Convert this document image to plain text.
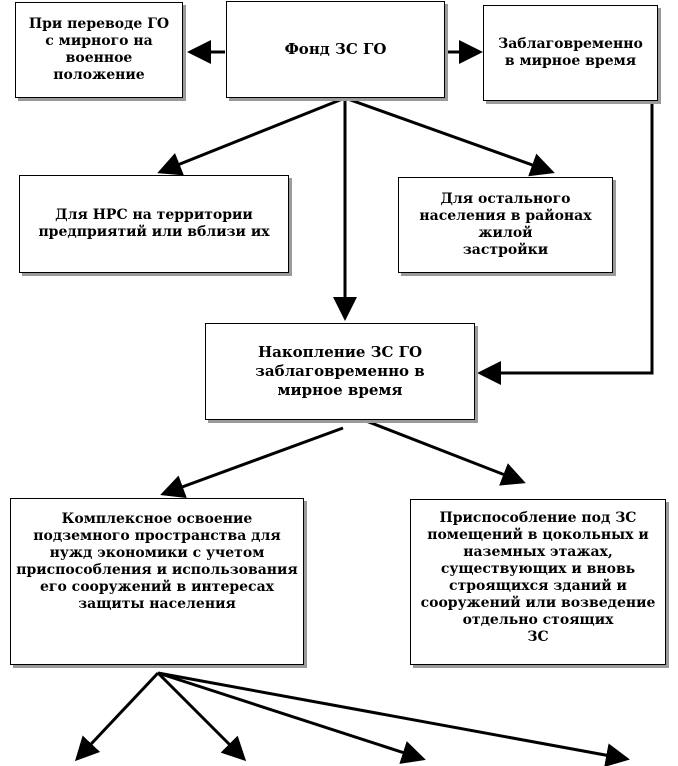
При переводе ГО
с мирного на
военное
положение
Фонд ЗС ГО	Заблаговременно
в мирное время
Для НРС на территории
предприятий или вблизи их
Для остального
населения в районах
жилой
застройки
Накопление ЗС ГО
заблаговременно в
мирное время
Комплексное освоение
подземного пространства для
нужд экономики с учетом
приспособления и использования
его сооружений в интересах
защиты населения
Приспособление под ЗС
помещений в цокольных и
наземных этажах,
существующих и вновь
строящихся зданий и
сооружений или возведение
отдельно стоящих
ЗС
